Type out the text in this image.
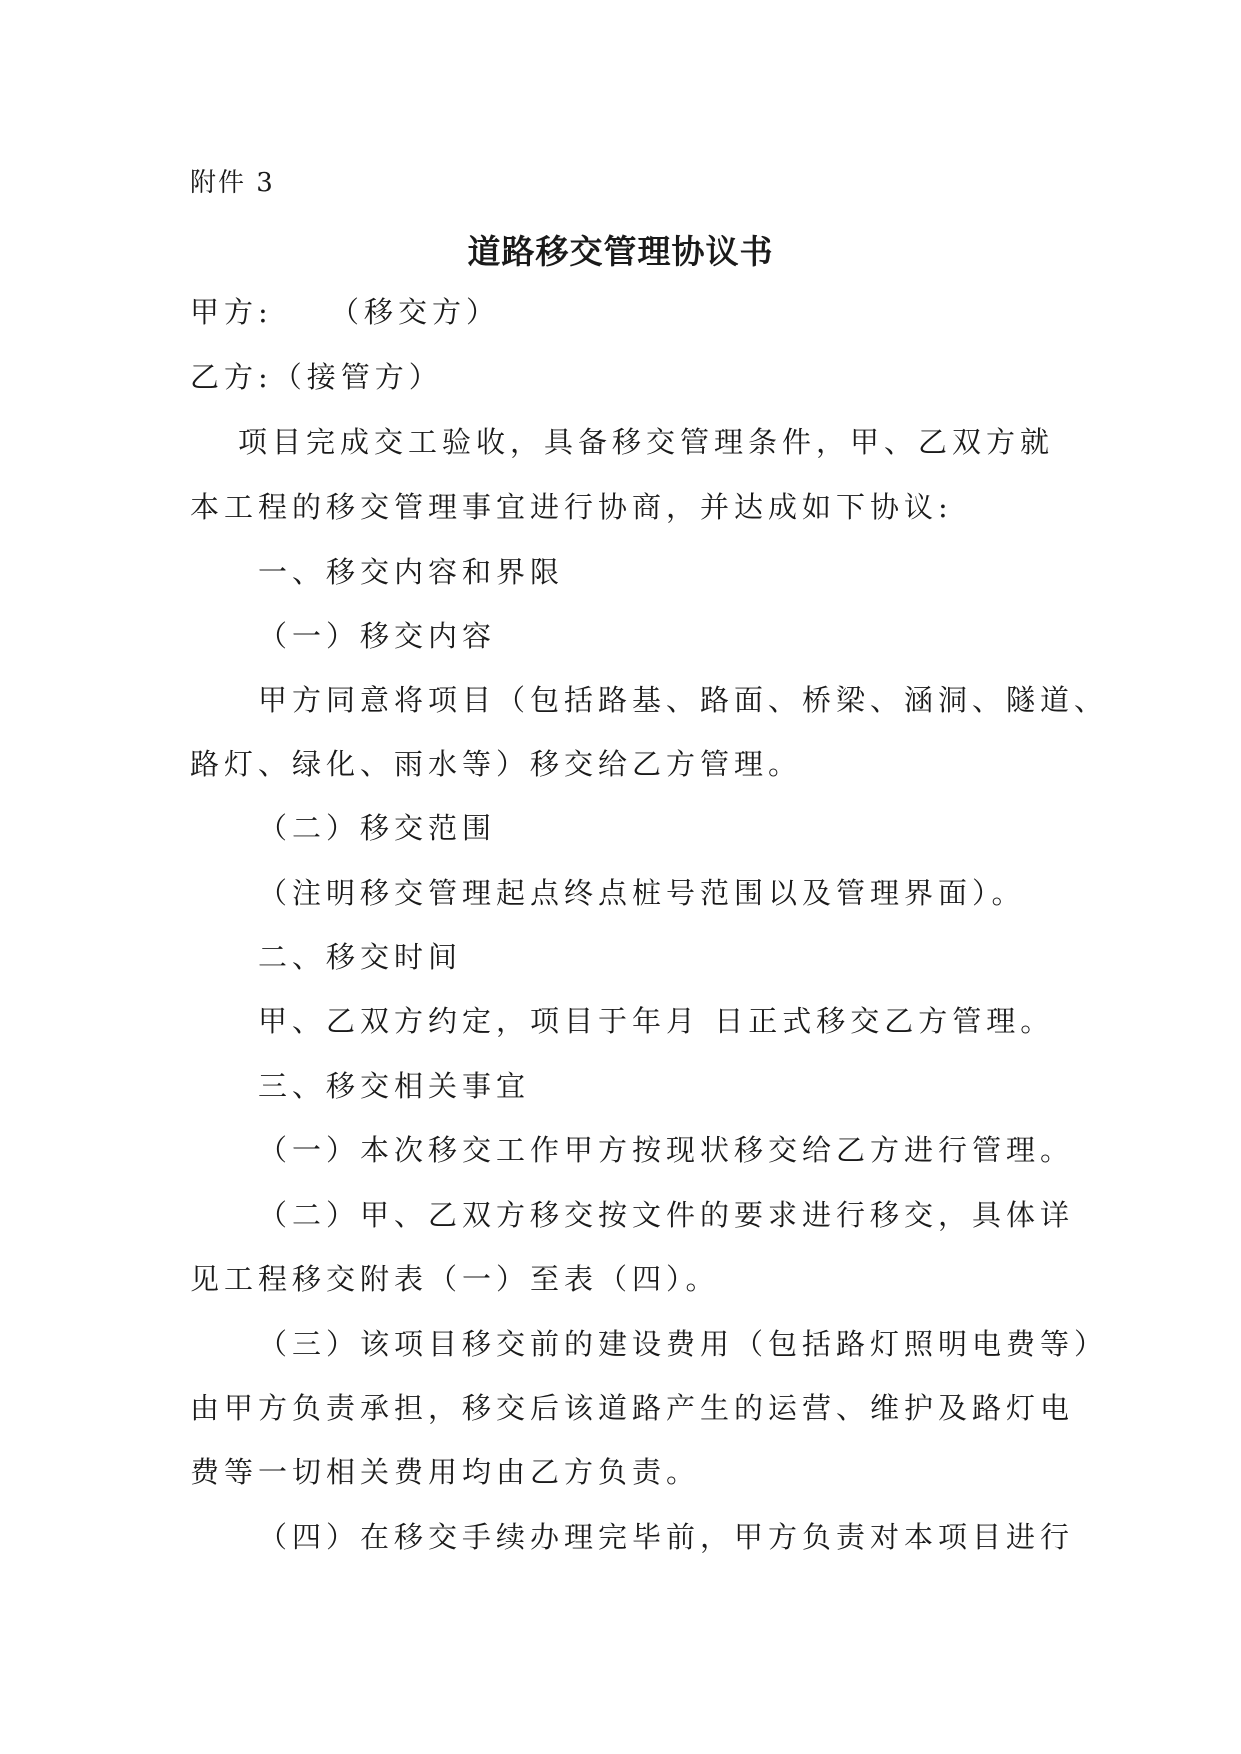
附件 3
道路移交管理协议书
甲方: （移交方）
乙方:（接管方）
项目完成交工验收，具备移交管理条件，甲、乙双方就
本工程的移交管理事宜进行协商，并达成如下协议:
一、移交内容和界限
（一）移交内容
甲方同意将项目（包括路基、路面、桥梁、涵洞、隧道、
路灯、绿化、雨水等）移交给乙方管理。
（二）移交范围
（注明移交管理起点终点桩号范围以及管理界面）。
二、移交时间
甲、乙双方约定，项目于年月 日正式移交乙方管理。
三、移交相关事宜
（一）本次移交工作甲方按现状移交给乙方进行管理。
（二）甲、乙双方移交按文件的要求进行移交，具体详
见工程移交附表（一）至表（四）。
（三）该项目移交前的建设费用（包括路灯照明电费等）
由甲方负责承担，移交后该道路产生的运营、维护及路灯电
费等一切相关费用均由乙方负责。
（四）在移交手续办理完毕前，甲方负责对本项目进行
